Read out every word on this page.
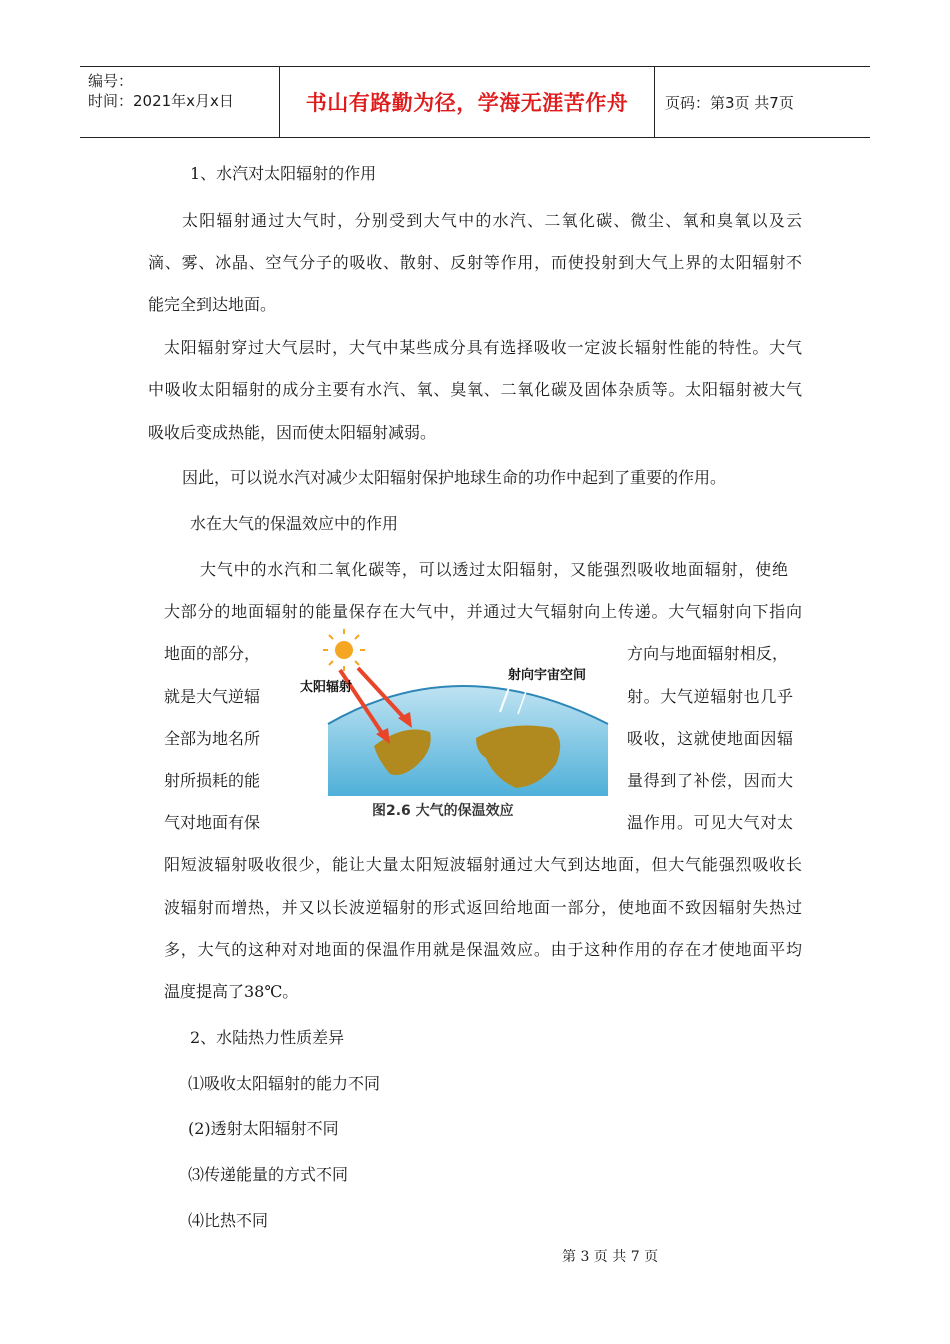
编号：
时间：2021年x月x日	书山有路勤为径，学海无涯苦作舟	页码：第3页 共7页
1、水汽对太阳辐射的作用
太阳辐射通过大气时，分别受到大气中的水汽、二氧化碳、微尘、氧和臭氧以及云
滴、雾、冰晶、空气分子的吸收、散射、反射等作用，而使投射到大气上界的太阳辐射不
能完全到达地面。
太阳辐射穿过大气层时，大气中某些成分具有选择吸收一定波长辐射性能的特性。大气
中吸收太阳辐射的成分主要有水汽、氧、臭氧、二氧化碳及固体杂质等。太阳辐射被大气
吸收后变成热能，因而使太阳辐射减弱。
因此，可以说水汽对减少太阳辐射保护地球生命的功作中起到了重要的作用。
水在大气的保温效应中的作用
大气中的水汽和二氧化碳等，可以透过太阳辐射，又能强烈吸收地面辐射，使绝
大部分的地面辐射的能量保存在大气中，并通过大气辐射向上传递。大气辐射向下指向
地面的部分，
就是大气逆辐
全部为地名所
射所损耗的能
气对地面有保
方向与地面辐射相反，
射。大气逆辐射也几乎
吸收，这就使地面因辐
量得到了补偿，因而大
温作用。可见大气对太
太阳辐射
射向宇宙空间
图2.6 大气的保温效应
阳短波辐射吸收很少，能让大量太阳短波辐射通过大气到达地面，但大气能强烈吸收长
波辐射而增热，并又以长波逆辐射的形式返回给地面一部分，使地面不致因辐射失热过
多，大气的这种对对地面的保温作用就是保温效应。由于这种作用的存在才使地面平均
温度提高了38℃。
2、水陆热力性质差异
⑴吸收太阳辐射的能力不同
(2)透射太阳辐射不同
⑶传递能量的方式不同
⑷比热不同
第 3 页 共 7 页
